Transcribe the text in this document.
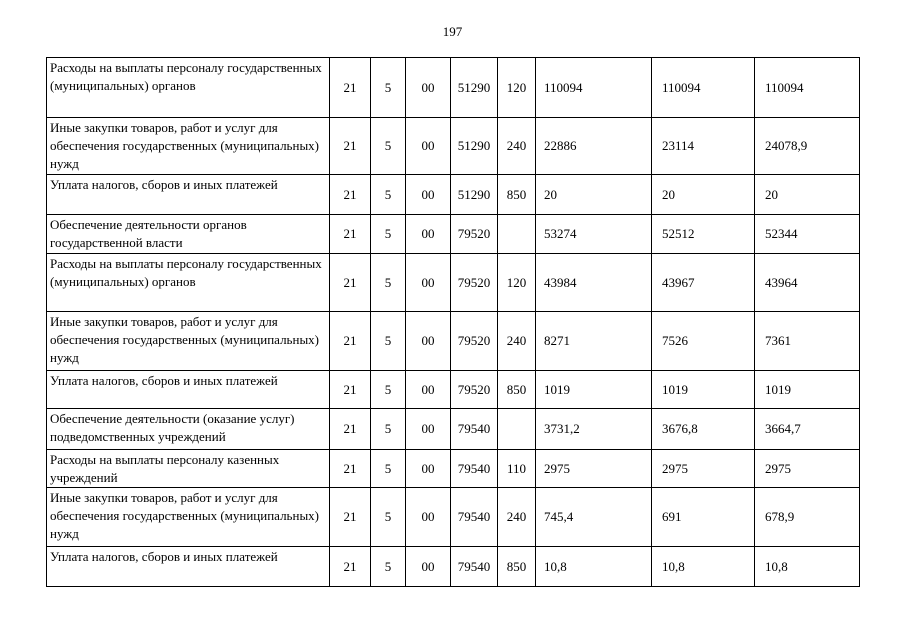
197
Расходы на выплаты персоналу государственных (муниципальных) органов	21	5	00	51290	120	110094	110094	110094
Иные закупки товаров, работ и услуг для обеспечения государственных (муниципальных) нужд	21	5	00	51290	240	22886	23114	24078,9
Уплата налогов, сборов и иных платежей	21	5	00	51290	850	20	20	20
Обеспечение деятельности органов государственной власти	21	5	00	79520		53274	52512	52344
Расходы на выплаты персоналу государственных (муниципальных) органов	21	5	00	79520	120	43984	43967	43964
Иные закупки товаров, работ и услуг для обеспечения государственных (муниципальных) нужд	21	5	00	79520	240	8271	7526	7361
Уплата налогов, сборов и иных платежей	21	5	00	79520	850	1019	1019	1019
Обеспечение деятельности (оказание услуг) подведомственных учреждений	21	5	00	79540		3731,2	3676,8	3664,7
Расходы на выплаты персоналу казенных учреждений	21	5	00	79540	110	2975	2975	2975
Иные закупки товаров, работ и услуг для обеспечения государственных (муниципальных) нужд	21	5	00	79540	240	745,4	691	678,9
Уплата налогов, сборов и иных платежей	21	5	00	79540	850	10,8	10,8	10,8
